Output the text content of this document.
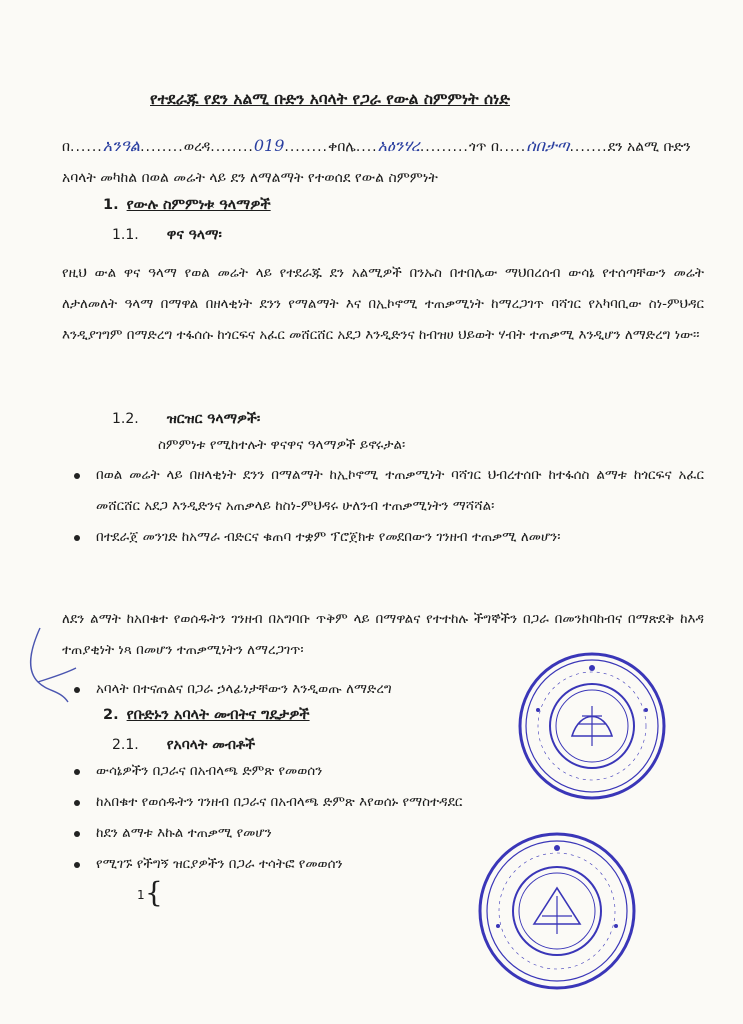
የተደራጁ የደን አልሚ ቡድን አባላት የጋራ የውል ስምምነት ሰነድ
በ......አንዓል........ወረዳ........019........ቀበሌ....አዕንሃረ.........ጎጥ በ.....ሰበታጣ.......ደን አልሚ ቡድን
አባላት መካከል በወል መሬት ላይ ደን ለማልማት የተወሰደ የውል ስምምነት
1. የውሉ ስምምነቱ ዓላማዎች
1.1. ዋና ዓላማ፡
የዚህ ውል ዋና ዓላማ የወል መሬት ላይ የተደራጁ ደን አልሚዎች በንኡስ በተበሌው ማህበረሰብ ውሳኔ የተሰጣቸውን መሬት ለታለመለት ዓላማ በማዋል በዘላቂነት ደንን የማልማት እና በኢኮኖሚ ተጠቃሚነት ከማረጋገጥ ባሻገር የአካባቢው ስነ-ምህዳር እንዲያገግም በማድረግ ተፋሰሱ ከጎርፍና አፈር መሸርሸር አደጋ እንዲድንና ከብዝሀ ህይወት ሃብት ተጠቃሚ እንዲሆን ለማድረግ ነው፡፡
1.2. ዝርዝር ዓላማዎች፡
ስምምነቱ የሚከተሉት ዋናዋና ዓላማዎች ይኖሩታል፡
በወል መሬት ላይ በዘላቂነት ደንን በማልማት ከኢኮኖሚ ተጠቃሚነት ባሻገር ህብረተሰቡ ከተፋሰስ ልማቱ ከጎርፍና አፈር መሸርሸር አደጋ እንዲድንና አጠቃላይ ከስነ-ምህዳሩ ሁለንብ ተጠቃሚነትን ማሻሻል፡
በተደራጀ መንገድ ከአማራ ብድርና ቁጠባ ተቋም ፕሮጀክቱ የመደበውን ገንዘብ ተጠቃሚ ለመሆን፡
ለደን ልማት ከአበቁተ የወሰዱትን ገንዘብ በአግባቡ ጥቅም ላይ በማዋልና የተተከሉ ችግኞችን በጋራ በመንከባከብና በማጽደቅ ከእዳ ተጠያቂነት ነጻ በመሆን ተጠቃሚነትን ለማረጋገጥ፡
አባላት በተናጠልና በጋራ ኃላፊነታቸውን እንዲወጡ ለማድረግ
2. የቡድኑን አባላት መብትና ግዴታዎች
2.1. የአባላት መብቶች
ውሳኔዎችን በጋራና በአብላጫ ድምጽ የመወሰን
ከአበቁተ የወሰዱትን ገንዘብ በጋራና በአብላጫ ድምጽ እየወሰኑ የማስተዳደር
ከደን ልማቱ እኩል ተጠቃሚ የመሆን
የሚገኙ የችግኝ ዝርያዎችን በጋራ ተሳትፎ የመወሰን
1 {
